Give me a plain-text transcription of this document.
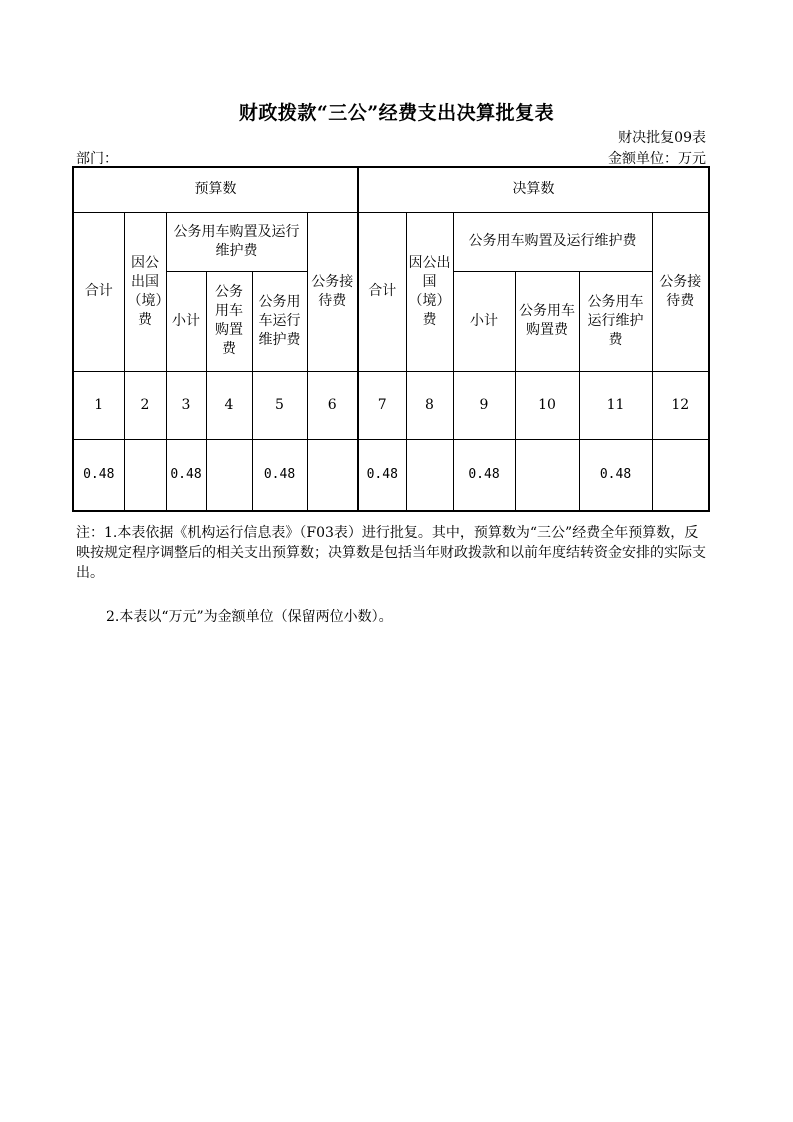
财政拨款“三公”经费支出决算批复表
财决批复09表
部门：	金额单位：万元
预算数						决算数					
合计	因公出国（境）费	公务用车购置及运行维护费			公务接待费	合计	因公出国（境）费	公务用车购置及运行维护费			公务接待费
		小计	公务用车购置费	公务用车运行维护费				小计	公务用车购置费	公务用车运行维护费	
1	2	3	4	5	6	7	8	9	10	11	12
0.48		0.48		0.48		0.48		0.48		0.48	

注：1.本表依据《机构运行信息表》（F03表）进行批复。其中，预算数为“三公”经费全年预算数，反映按规定程序调整后的相关支出预算数；决算数是包括当年财政拨款和以前年度结转资金安排的实际支出。

2.本表以“万元”为金额单位（保留两位小数）。
